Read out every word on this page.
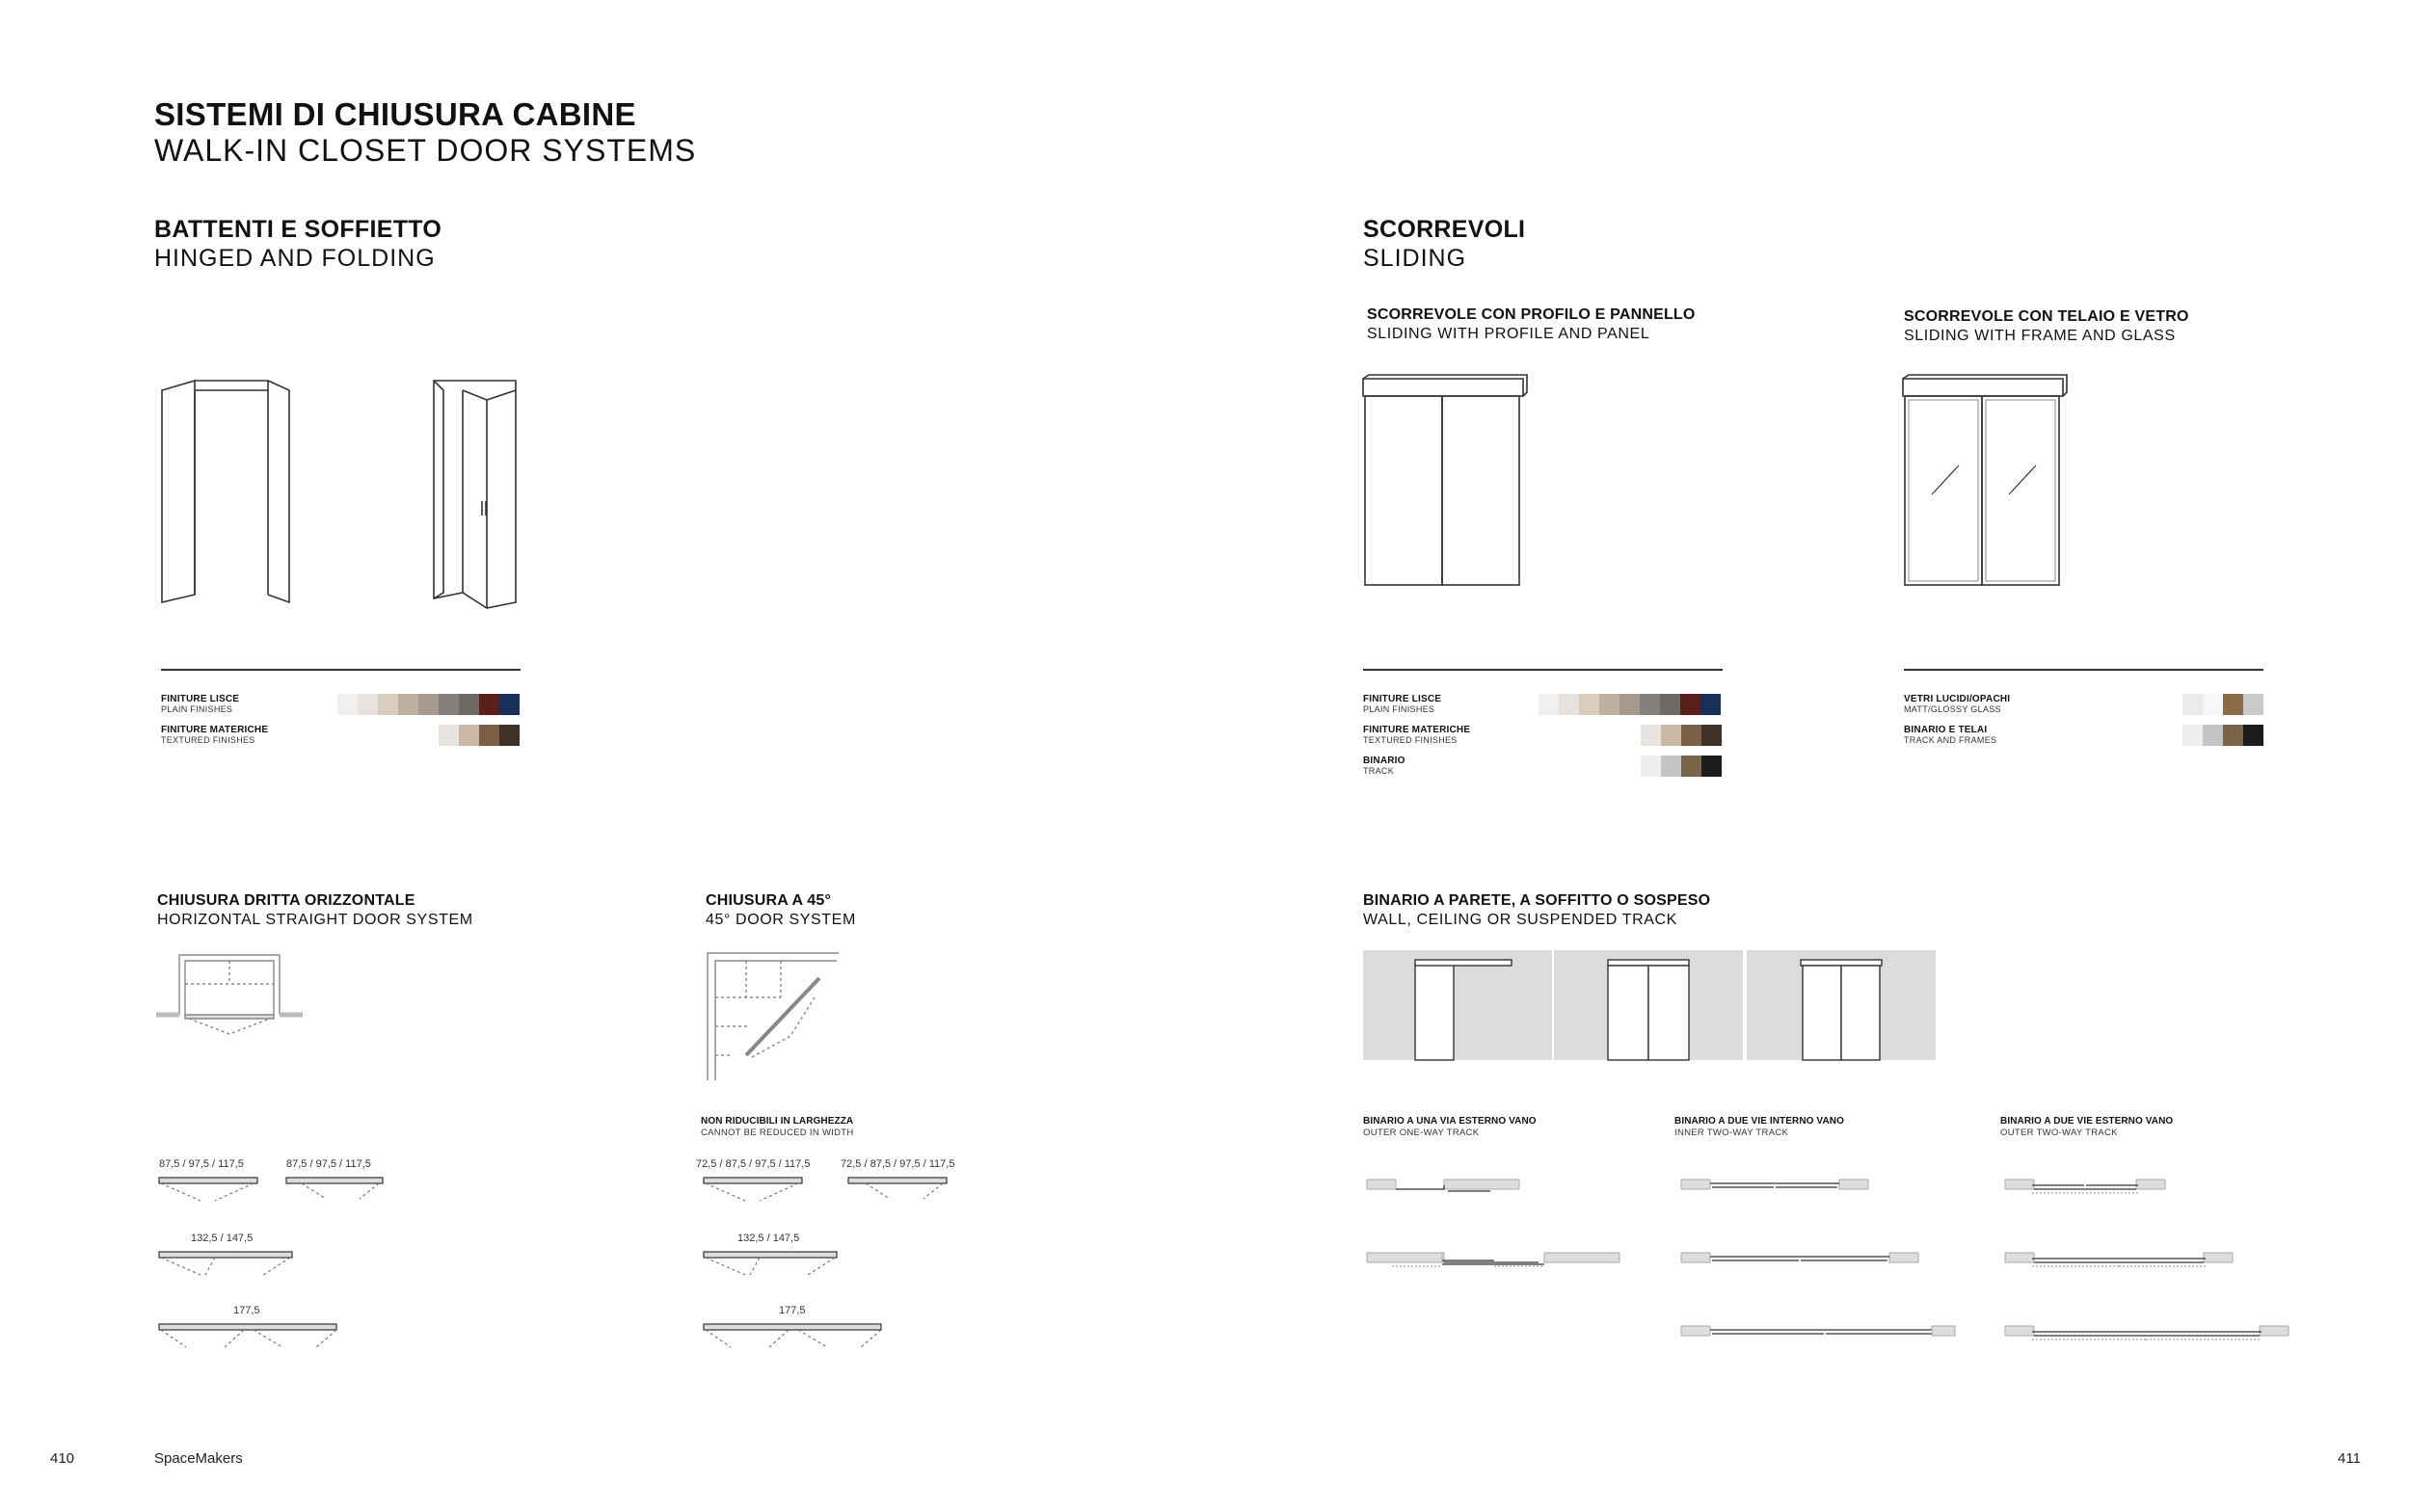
SISTEMI DI CHIUSURA CABINE
WALK-IN CLOSET DOOR SYSTEMS
BATTENTI E SOFFIETTO
HINGED AND FOLDING
FINITURE LISCE
PLAIN FINISHES
FINITURE MATERICHE
TEXTURED FINISHES
CHIUSURA DRITTA ORIZZONTALE
HORIZONTAL STRAIGHT DOOR SYSTEM
87,5 / 97,5 / 117,5	87,5 / 97,5 / 117,5
132,5 / 147,5
177,5
CHIUSURA A 45°
45° DOOR SYSTEM
NON RIDUCIBILI IN LARGHEZZA
CANNOT BE REDUCED IN WIDTH
72,5 / 87,5 / 97,5 / 117,5	72,5 / 87,5 / 97,5 / 117,5
132,5 / 147,5
177,5
SCORREVOLI
SLIDING
SCORREVOLE CON PROFILO E PANNELLO
SLIDING WITH PROFILE AND PANEL
SCORREVOLE CON TELAIO E VETRO
SLIDING WITH FRAME AND GLASS
FINITURE LISCE
PLAIN FINISHES
FINITURE MATERICHE
TEXTURED FINISHES
BINARIO
TRACK
VETRI LUCIDI/OPACHI
MATT/GLOSSY GLASS
BINARIO E TELAI
TRACK AND FRAMES
BINARIO A PARETE, A SOFFITTO O SOSPESO
WALL, CEILING OR SUSPENDED TRACK
BINARIO A UNA VIA ESTERNO VANO
OUTER ONE-WAY TRACK
BINARIO A DUE VIE INTERNO VANO
INNER TWO-WAY TRACK
BINARIO A DUE VIE ESTERNO VANO
OUTER TWO-WAY TRACK
410	SpaceMakers	411
